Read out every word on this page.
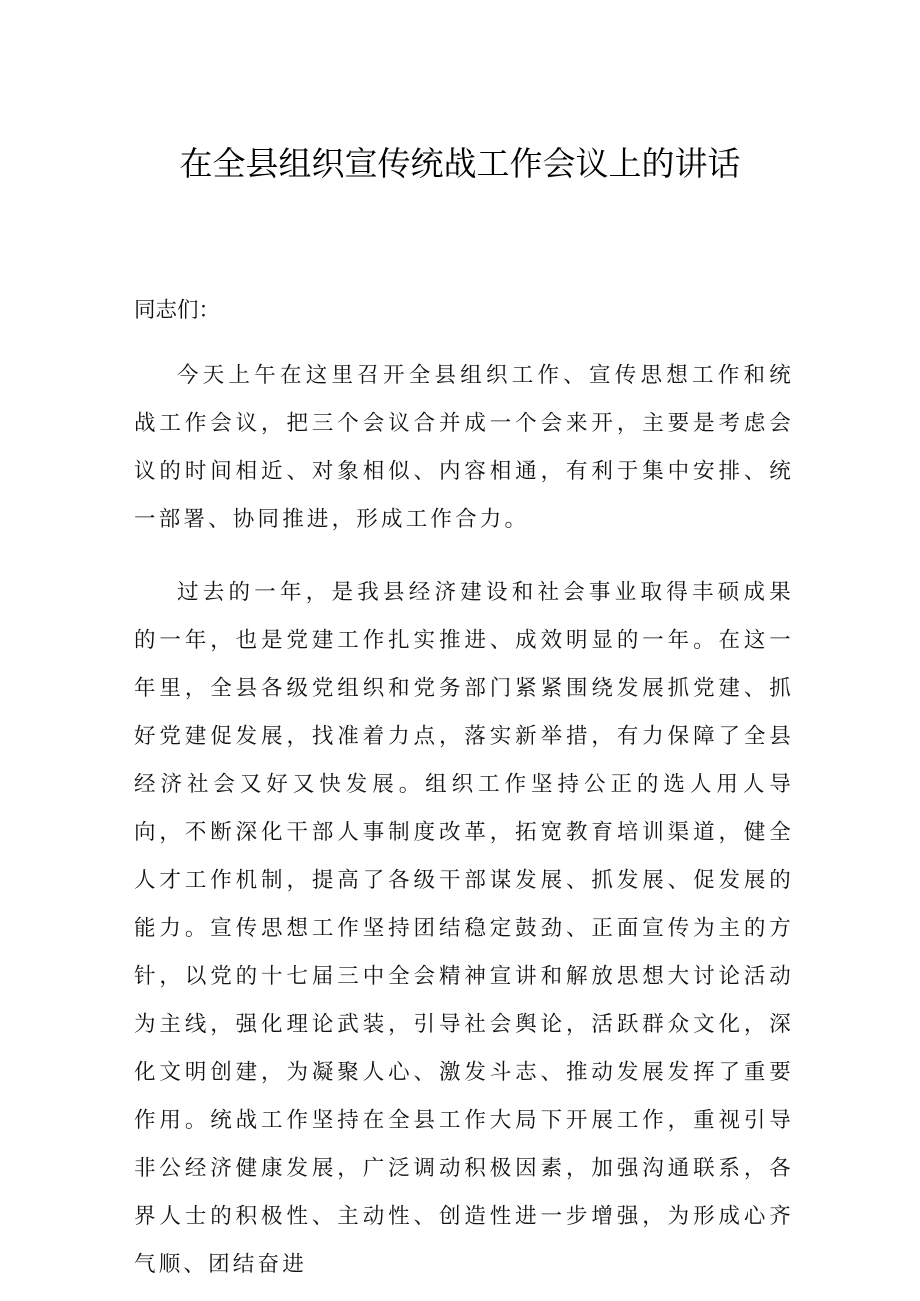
在全县组织宣传统战工作会议上的讲话

同志们：

今天上午在这里召开全县组织工作、宣传思想工作和统战工作会议，把三个会议合并成一个会来开，主要是考虑会议的时间相近、对象相似、内容相通，有利于集中安排、统一部署、协同推进，形成工作合力。

过去的一年，是我县经济建设和社会事业取得丰硕成果的一年，也是党建工作扎实推进、成效明显的一年。在这一年里，全县各级党组织和党务部门紧紧围绕发展抓党建、抓好党建促发展，找准着力点，落实新举措，有力保障了全县经济社会又好又快发展。组织工作坚持公正的选人用人导向，不断深化干部人事制度改革，拓宽教育培训渠道，健全人才工作机制，提高了各级干部谋发展、抓发展、促发展的能力。宣传思想工作坚持团结稳定鼓劲、正面宣传为主的方针，以党的十七届三中全会精神宣讲和解放思想大讨论活动为主线，强化理论武装，引导社会舆论，活跃群众文化，深化文明创建，为凝聚人心、激发斗志、推动发展发挥了重要作用。统战工作坚持在全县工作大局下开展工作，重视引导非公经济健康发展，广泛调动积极因素，加强沟通联系，各界人士的积极性、主动性、创造性进一步增强，为形成心齐气顺、团结奋进
